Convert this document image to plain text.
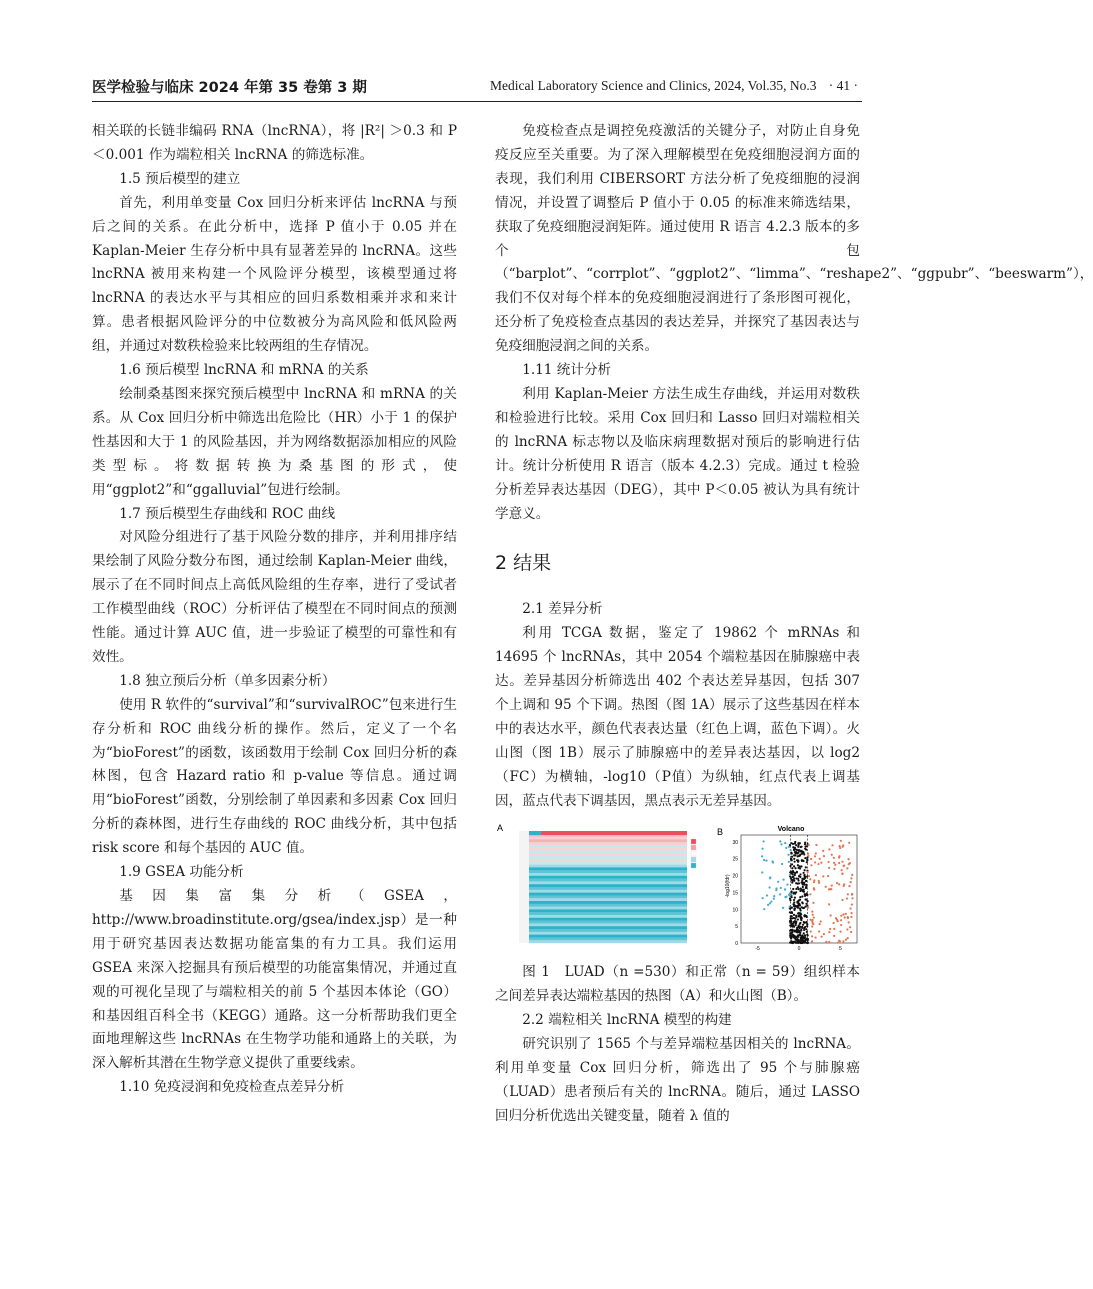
医学检验与临床 2024 年第 35 卷第 3 期	Medical Laboratory Science and Clinics, 2024, Vol.35, No.3 · 41 ·

相关联的长链非编码 RNA（lncRNA），将 |R²| ＞0.3 和 P＜0.001 作为端粒相关 lncRNA 的筛选标准。

1.5 预后模型的建立

首先，利用单变量 Cox 回归分析来评估 lncRNA 与预后之间的关系。在此分析中，选择 P 值小于 0.05 并在 Kaplan-Meier 生存分析中具有显著差异的 lncRNA。这些 lncRNA 被用来构建一个风险评分模型，该模型通过将 lncRNA 的表达水平与其相应的回归系数相乘并求和来计算。患者根据风险评分的中位数被分为高风险和低风险两组，并通过对数秩检验来比较两组的生存情况。

1.6 预后模型 lncRNA 和 mRNA 的关系

绘制桑基图来探究预后模型中 lncRNA 和 mRNA 的关系。从 Cox 回归分析中筛选出危险比（HR）小于 1 的保护性基因和大于 1 的风险基因，并为网络数据添加相应的风险类型标。将数据转换为桑基图的形式，使用“ggplot2”和“ggalluvial”包进行绘制。

1.7 预后模型生存曲线和 ROC 曲线

对风险分组进行了基于风险分数的排序，并利用排序结果绘制了风险分数分布图，通过绘制 Kaplan-Meier 曲线，展示了在不同时间点上高低风险组的生存率，进行了受试者工作模型曲线（ROC）分析评估了模型在不同时间点的预测性能。通过计算 AUC 值，进一步验证了模型的可靠性和有效性。

1.8 独立预后分析（单多因素分析）

使用 R 软件的“survival”和“survivalROC”包来进行生存分析和 ROC 曲线分析的操作。然后，定义了一个名为“bioForest”的函数，该函数用于绘制 Cox 回归分析的森林图，包含 Hazard ratio 和 p-value 等信息。通过调用“bioForest”函数，分别绘制了单因素和多因素 Cox 回归分析的森林图，进行生存曲线的 ROC 曲线分析，其中包括 risk score 和每个基因的 AUC 值。

1.9 GSEA 功能分析

基因集富集分析（GSEA，http://www.broadinstitute.org/gsea/index.jsp）是一种用于研究基因表达数据功能富集的有力工具。我们运用 GSEA 来深入挖掘具有预后模型的功能富集情况，并通过直观的可视化呈现了与端粒相关的前 5 个基因本体论（GO）和基因组百科全书（KEGG）通路。这一分析帮助我们更全面地理解这些 lncRNAs 在生物学功能和通路上的关联，为深入解析其潜在生物学意义提供了重要线索。

1.10 免疫浸润和免疫检查点差异分析

免疫检查点是调控免疫激活的关键分子，对防止自身免疫反应至关重要。为了深入理解模型在免疫细胞浸润方面的表现，我们利用 CIBERSORT 方法分析了免疫细胞的浸润情况，并设置了调整后 P 值小于 0.05 的标准来筛选结果，获取了免疫细胞浸润矩阵。通过使用 R 语言 4.2.3 版本的多个包（“barplot”、“corrplot”、“ggplot2”、“limma”、“reshape2”、“ggpubr”、“beeswarm”），我们不仅对每个样本的免疫细胞浸润进行了条形图可视化，还分析了免疫检查点基因的表达差异，并探究了基因表达与免疫细胞浸润之间的关系。

1.11 统计分析

利用 Kaplan-Meier 方法生成生存曲线，并运用对数秩和检验进行比较。采用 Cox 回归和 Lasso 回归对端粒相关的 lncRNA 标志物以及临床病理数据对预后的影响进行估计。统计分析使用 R 语言（版本 4.2.3）完成。通过 t 检验分析差异表达基因（DEG），其中 P＜0.05 被认为具有统计学意义。

2 结果
2.1 差异分析

利用 TCGA 数据，鉴定了 19862 个 mRNAs 和 14695 个 lncRNAs，其中 2054 个端粒基因在肺腺癌中表达。差异基因分析筛选出 402 个表达差异基因，包括 307 个上调和 95 个下调。热图（图 1A）展示了这些基因在样本中的表达水平，颜色代表表达量（红色上调，蓝色下调）。火山图（图 1B）展示了肺腺癌中的差异表达基因，以 log2（FC）为横轴，-log10（P值）为纵轴，红点代表上调基因，蓝点代表下调基因，黑点表示无差异基因。

A	B	Volcano
-log10(fdr)
30
25
20
15
10
5
0
-5	0	5

图 1　LUAD（n =530）和正常（n = 59）组织样本之间差异表达端粒基因的热图（A）和火山图（B）。

2.2 端粒相关 lncRNA 模型的构建

研究识别了 1565 个与差异端粒基因相关的 lncRNA。利用单变量 Cox 回归分析，筛选出了 95 个与肺腺癌（LUAD）患者预后有关的 lncRNA。随后，通过 LASSO 回归分析优选出关键变量，随着 λ 值的
